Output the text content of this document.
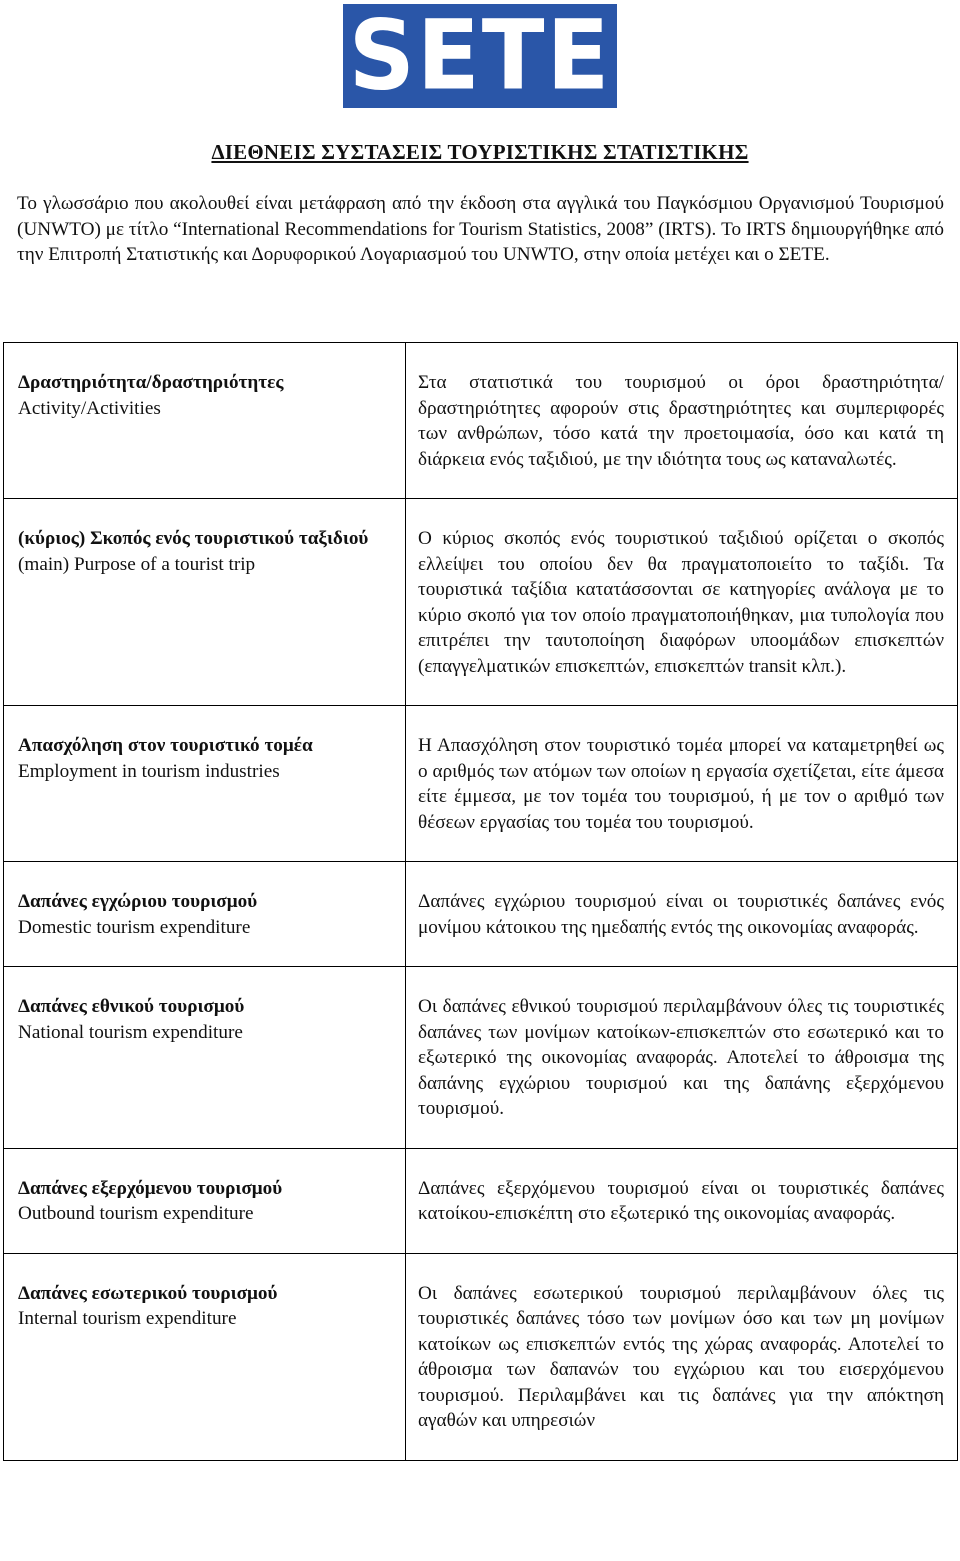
SETE
ΔΙΕΘΝΕΙΣ ΣΥΣΤΑΣΕΙΣ ΤΟΥΡΙΣΤΙΚΗΣ ΣΤΑΤΙΣΤΙΚΗΣ

Το γλωσσάριο που ακολουθεί είναι μετάφραση από την έκδοση στα αγγλικά του Παγκόσμιου Οργανισμού Τουρισμού (UNWTO) με τίτλο “International Recommendations for Tourism Statistics, 2008” (IRTS). Το IRTS δημιουργήθηκε από την Επιτροπή Στατιστικής και Δορυφορικού Λογαριασμού του UNWTO, στην οποία μετέχει και ο ΣΕΤΕ.

Δραστηριότητα/δραστηριότητες
Activity/Activities	Στα στατιστικά του τουρισμού οι όροι δραστηριότητα/δραστηριότητες αφορούν στις δραστηριότητες και συμπεριφορές των ανθρώπων, τόσο κατά την προετοιμασία, όσο και κατά τη διάρκεια ενός ταξιδιού, με την ιδιότητα τους ως καταναλωτές.

(κύριος) Σκοπός ενός τουριστικού ταξιδιού
(main) Purpose of a tourist trip	Ο κύριος σκοπός ενός τουριστικού ταξιδιού ορίζεται ο σκοπός ελλείψει του οποίου δεν θα πραγματοποιείτο το ταξίδι. Τα τουριστικά ταξίδια κατατάσσονται σε κατηγορίες ανάλογα με το κύριο σκοπό για τον οποίο πραγματοποιήθηκαν, μια τυπολογία που επιτρέπει την ταυτοποίηση διαφόρων υποομάδων επισκεπτών (επαγγελματικών επισκεπτών, επισκεπτών transit κλπ.).

Απασχόληση στον τουριστικό τομέα
Employment in tourism industries	Η Απασχόληση στον τουριστικό τομέα μπορεί να καταμετρηθεί ως ο αριθμός των ατόμων των οποίων η εργασία σχετίζεται, είτε άμεσα είτε έμμεσα, με τον τομέα του τουρισμού, ή με τον ο αριθμό των θέσεων εργασίας του τομέα του τουρισμού.

Δαπάνες εγχώριου τουρισμού
Domestic tourism expenditure	Δαπάνες εγχώριου τουρισμού είναι οι τουριστικές δαπάνες ενός μονίμου κάτοικου της ημεδαπής εντός της οικονομίας αναφοράς.

Δαπάνες εθνικού τουρισμού
National tourism expenditure	Οι δαπάνες εθνικού τουρισμού περιλαμβάνουν όλες τις τουριστικές δαπάνες των μονίμων κατοίκων-επισκεπτών στο εσωτερικό και το εξωτερικό της οικονομίας αναφοράς. Αποτελεί το άθροισμα της δαπάνης εγχώριου τουρισμού και της δαπάνης εξερχόμενου τουρισμού.

Δαπάνες εξερχόμενου τουρισμού
Outbound tourism expenditure	Δαπάνες εξερχόμενου τουρισμού είναι οι τουριστικές δαπάνες κατοίκου-επισκέπτη στο εξωτερικό της οικονομίας αναφοράς.

Δαπάνες εσωτερικού τουρισμού
Internal tourism expenditure	Οι δαπάνες εσωτερικού τουρισμού περιλαμβάνουν όλες τις τουριστικές δαπάνες τόσο των μονίμων όσο και των μη μονίμων κατοίκων ως επισκεπτών εντός της χώρας αναφοράς. Αποτελεί το άθροισμα των δαπανών του εγχώριου και του εισερχόμενου τουρισμού. Περιλαμβάνει και τις δαπάνες για την απόκτηση αγαθών και υπηρεσιών
